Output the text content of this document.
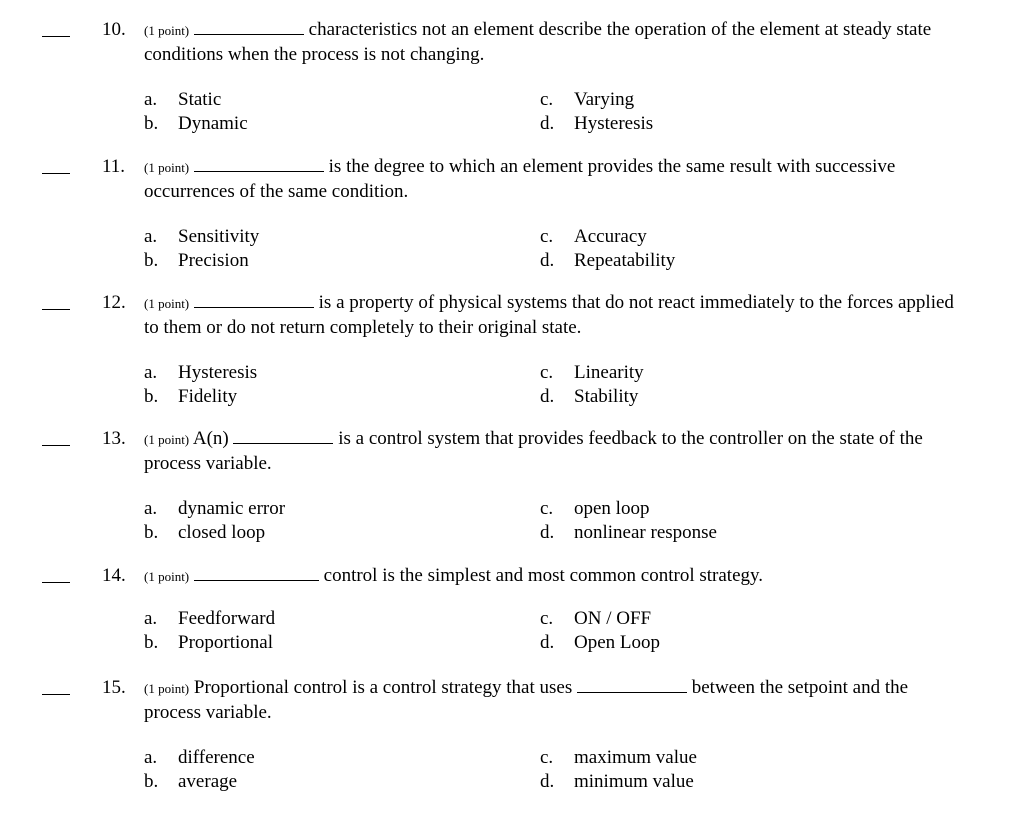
10. (1 point)	characteristics not an element describe the operation of the element at steady state conditions when the process is not changing.
a. Static
b. Dynamic
c. Varying
d. Hysteresis
11. (1 point)	is the degree to which an element provides the same result with successive occurrences of the same condition.
a. Sensitivity
b. Precision
c. Accuracy
d. Repeatability
12. (1 point)	is a property of physical systems that do not react immediately to the forces applied to them or do not return completely to their original state.
a. Hysteresis
b. Fidelity
c. Linearity
d. Stability
13. (1 point) A(n)	is a control system that provides feedback to the controller on the state of the process variable.
a. dynamic error
b. closed loop
c. open loop
d. nonlinear response
14. (1 point)	control is the simplest and most common control strategy.
a. Feedforward
b. Proportional
c. ON / OFF
d. Open Loop
15. (1 point) Proportional control is a control strategy that uses	between the setpoint and the process variable.
a. difference
b. average
c. maximum value
d. minimum value
